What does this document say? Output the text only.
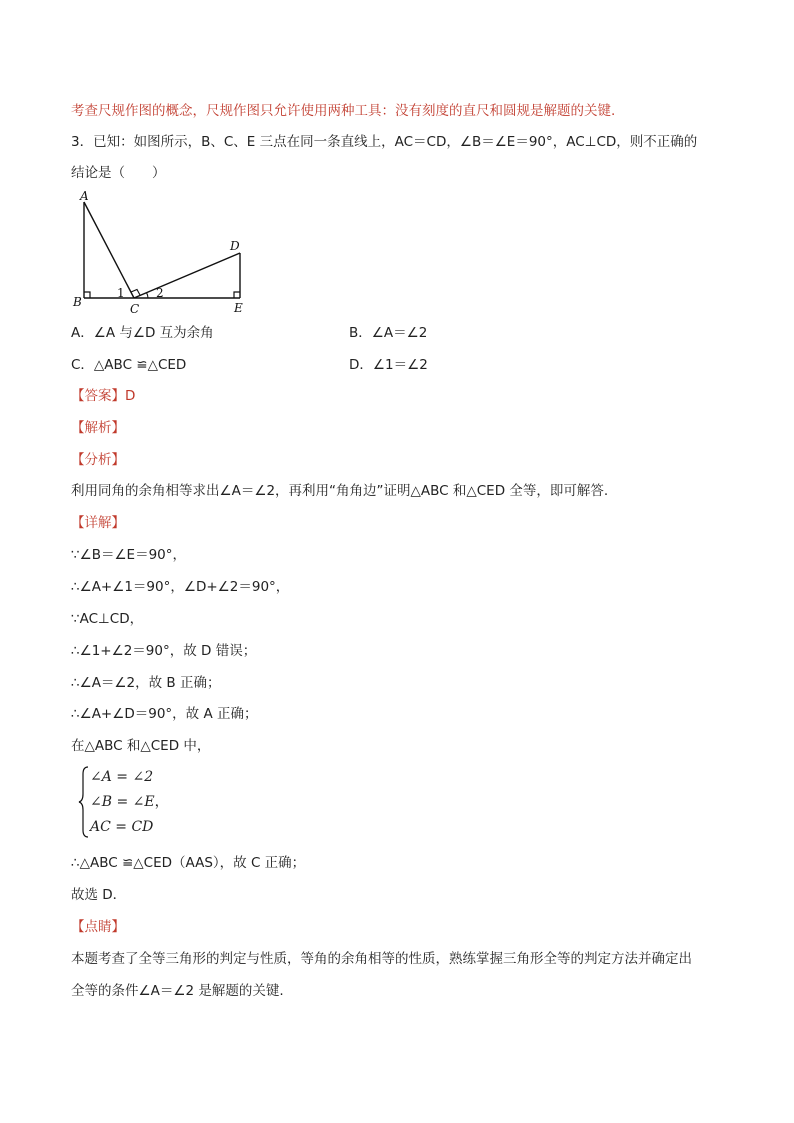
考查尺规作图的概念，尺规作图只允许使用两种工具：没有刻度的直尺和圆规是解题的关键.
3．已知：如图所示，B、C、E 三点在同一条直线上，AC＝CD，∠B＝∠E＝90°，AC⊥CD，则不正确的
结论是（　　）
A
B	C
D
E
1	2
A．∠A 与∠D 互为余角	B．∠A＝∠2
C．△ABC ≌△CED	D．∠1＝∠2
【答案】D
【解析】
【分析】
利用同角的余角相等求出∠A＝∠2，再利用“角角边”证明△ABC 和△CED 全等，即可解答.
【详解】
∵∠B＝∠E＝90°，
∴∠A+∠1＝90°，∠D+∠2＝90°，
∵AC⊥CD，
∴∠1+∠2＝90°，故 D 错误；
∴∠A＝∠2，故 B 正确；
∴∠A+∠D＝90°，故 A 正确；
在△ABC 和△CED 中，
∠A = ∠2
∠B = ∠E，
AC = CD
∴△ABC ≌△CED（AAS），故 C 正确；
故选 D．
【点睛】
本题考查了全等三角形的判定与性质，等角的余角相等的性质，熟练掌握三角形全等的判定方法并确定出
全等的条件∠A＝∠2 是解题的关键.
